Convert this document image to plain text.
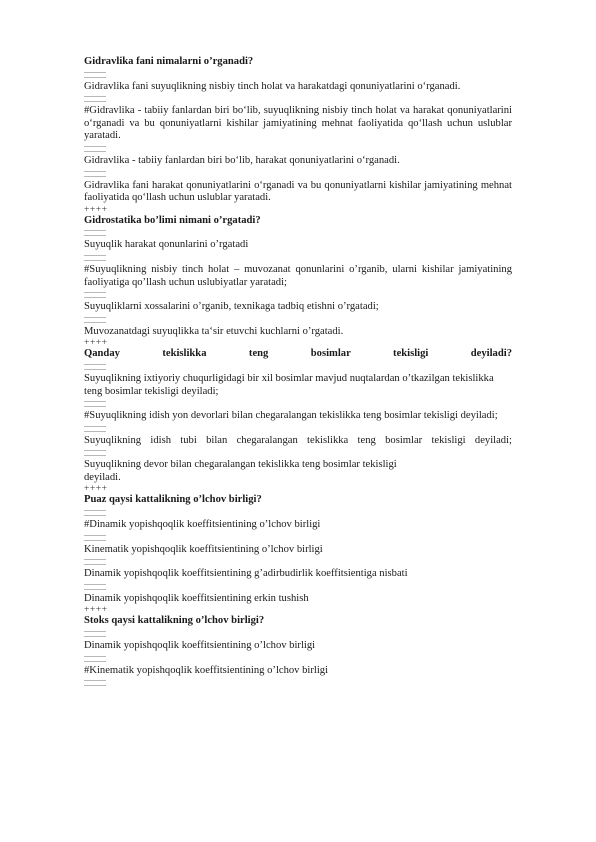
Gidravlika fani nimalarni o’rganadi?
Gidravlika fani suyuqlikning nisbiy tinch holat va harakatdagi qonuniyatlarini o‘rganadi.
#Gidravlika - tabiiy fanlardan biri bo‘lib, suyuqlikning nisbiy tinch holat va harakat qonuniyatlarini o‘rganadi va bu qonuniyatlarni kishilar jamiyatining mehnat faoliyatida qo‘llash uchun uslublar yaratadi.
Gidravlika - tabiiy fanlardan biri bo‘lib, harakat qonuniyatlarini o‘rganadi.
Gidravlika fani harakat qonuniyatlarini o‘rganadi va bu qonuniyatlarni kishilar jamiyatining mehnat faoliyatida qo‘llash uchun uslublar yaratadi.
++++
Gidrostatika bo’limi nimani o’rgatadi?
Suyuqlik harakat qonunlarini o’rgatadi
#Suyuqlikning nisbiy tinch holat – muvozanat qonunlarini o’rganib, ularni kishilar jamiyatining faoliyatiga qo’llash uchun uslubiyatlar yaratadi;
Suyuqliklarni xossalarini o’rganib, texnikaga tadbiq etishni o’rgatadi;
Muvozanatdagi suyuqlikka ta‘sir etuvchi kuchlarni o’rgatadi.
++++
Qanday tekislikka teng bosimlar tekisligi deyiladi?
Suyuqlikning ixtiyoriy chuqurligidagi bir xil bosimlar mavjud nuqtalardan o’tkazilgan tekislikka teng bosimlar tekisligi deyiladi;
#Suyuqlikning idish yon devorlari bilan chegaralangan tekislikka teng bosimlar tekisligi deyiladi;
Suyuqlikning idish tubi bilan chegaralangan tekislikka teng bosimlar tekisligi deyiladi;
Suyuqlikning devor bilan chegaralangan tekislikka teng bosimlar tekisligi
deyiladi.
++++
Puaz qaysi kattalikning o’lchov birligi?
#Dinamik yopishqoqlik koeffitsientining o’lchov birligi
Kinematik yopishqoqlik koeffitsientining o’lchov birligi
Dinamik yopishqoqlik koeffitsientining g’adirbudirlik koeffitsientiga nisbati
Dinamik yopishqoqlik koeffitsientining erkin tushish
++++
Stoks qaysi kattalikning o’lchov birligi?
Dinamik yopishqoqlik koeffitsientining o’lchov birligi
#Kinematik yopishqoqlik koeffitsientining o’lchov birligi
